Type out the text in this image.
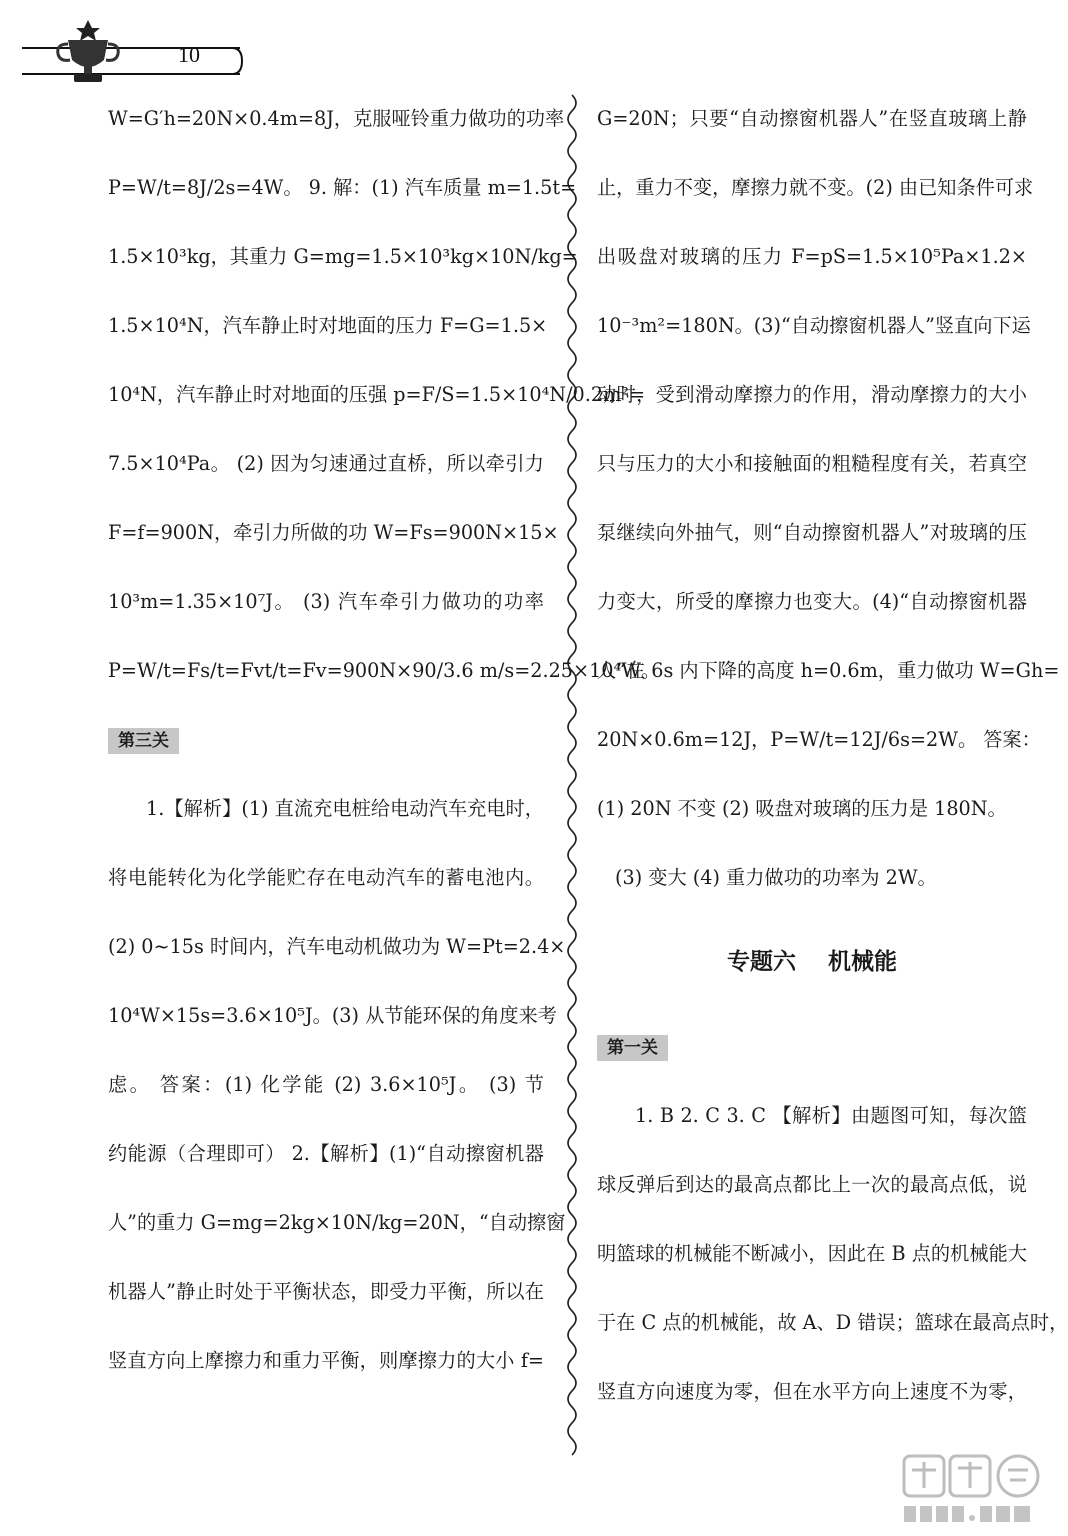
10
W=G′h=20N×0.4m=8J，克服哑铃重力做功的功率
P=W/t=8J/2s=4W。 9. 解：(1) 汽车质量 m=1.5t=
1.5×10³kg，其重力 G=mg=1.5×10³kg×10N/kg=
1.5×10⁴N，汽车静止时对地面的压力 F=G=1.5×
10⁴N，汽车静止时对地面的压强 p=F/S=1.5×10⁴N/0.2m²=
7.5×10⁴Pa。 (2) 因为匀速通过直桥，所以牵引力
F=f=900N，牵引力所做的功 W=Fs=900N×15×
10³m=1.35×10⁷J。 (3) 汽车牵引力做功的功率
P=W/t=Fs/t=Fvt/t=Fv=900N×90/3.6 m/s=2.25×10⁴W。
第三关
1.【解析】(1) 直流充电桩给电动汽车充电时，
将电能转化为化学能贮存在电动汽车的蓄电池内。
(2) 0~15s 时间内，汽车电动机做功为 W=Pt=2.4×
10⁴W×15s=3.6×10⁵J。(3) 从节能环保的角度来考
虑。 答案：(1) 化学能 (2) 3.6×10⁵J。 (3) 节
约能源（合理即可） 2.【解析】(1)“自动擦窗机器
人”的重力 G=mg=2kg×10N/kg=20N，“自动擦窗
机器人”静止时处于平衡状态，即受力平衡，所以在
竖直方向上摩擦力和重力平衡，则摩擦力的大小 f=
G=20N；只要“自动擦窗机器人”在竖直玻璃上静
止，重力不变，摩擦力就不变。(2) 由已知条件可求
出吸盘对玻璃的压力 F=pS=1.5×10⁵Pa×1.2×
10⁻³m²=180N。(3)“自动擦窗机器人”竖直向下运
动时，受到滑动摩擦力的作用，滑动摩擦力的大小
只与压力的大小和接触面的粗糙程度有关，若真空
泵继续向外抽气，则“自动擦窗机器人”对玻璃的压
力变大，所受的摩擦力也变大。(4)“自动擦窗机器
人”在 6s 内下降的高度 h=0.6m，重力做功 W=Gh=
20N×0.6m=12J，P=W/t=12J/6s=2W。 答案：
(1) 20N 不变 (2) 吸盘对玻璃的压力是 180N。
(3) 变大 (4) 重力做功的功率为 2W。
专题六    机械能
第一关
1. B 2. C 3. C 【解析】由题图可知，每次篮
球反弹后到达的最高点都比上一次的最高点低，说
明篮球的机械能不断减小，因此在 B 点的机械能大
于在 C 点的机械能，故 A、D 错误；篮球在最高点时，
竖直方向速度为零，但在水平方向上速度不为零，
